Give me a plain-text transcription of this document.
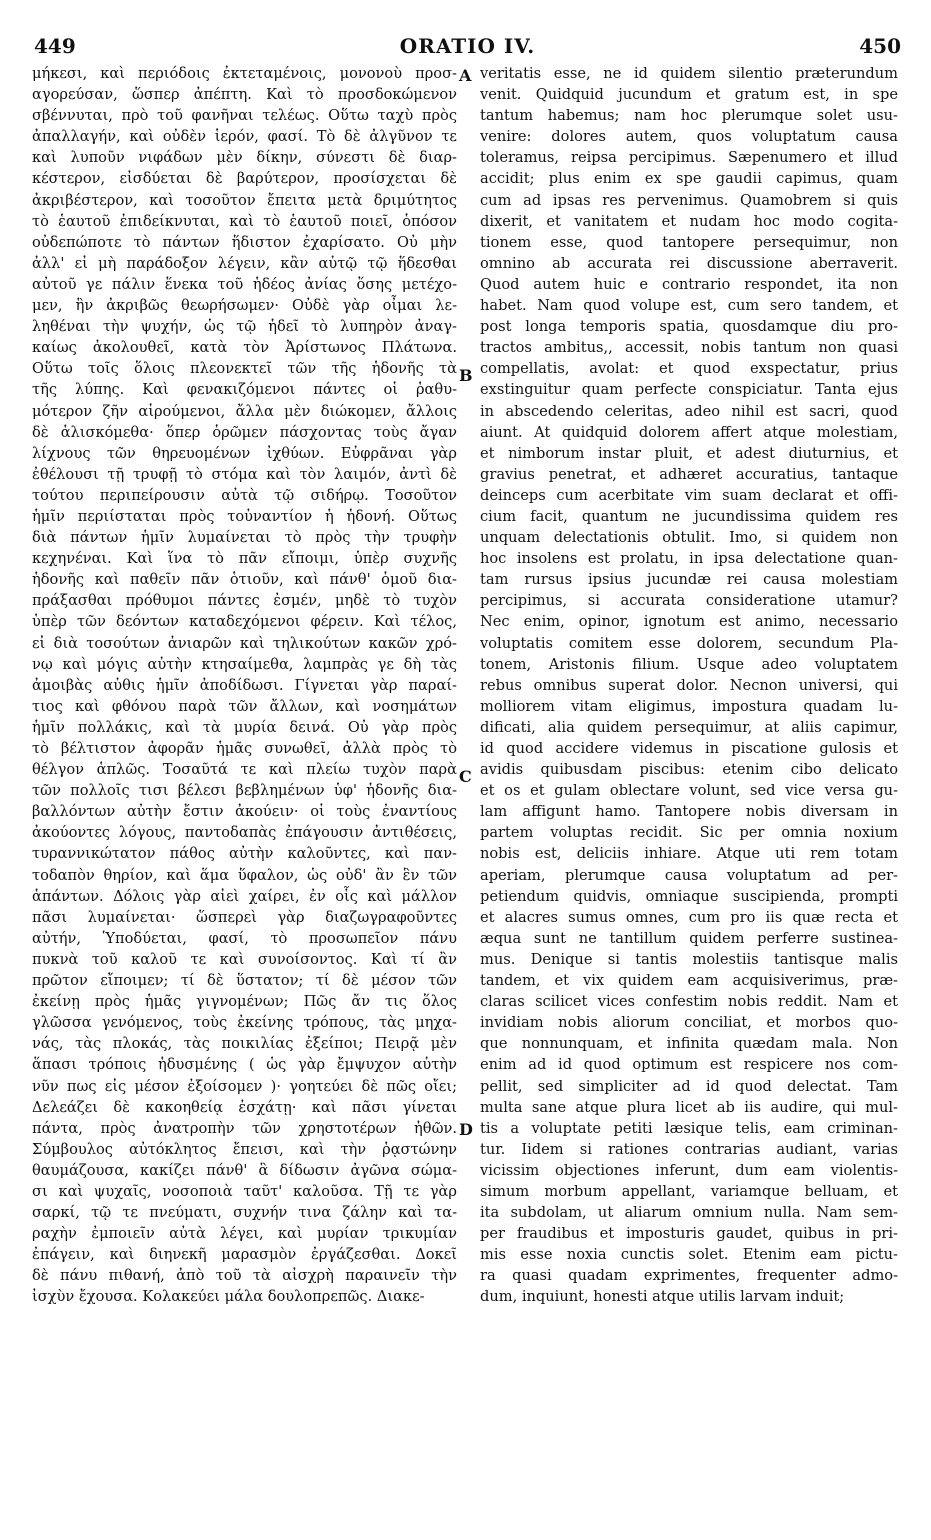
449	ORATIO IV.	450
μήκεσι, καὶ περιόδοις ἐκτεταμένοις, μονονοὺ προσ-
αγορεύσαν, ὥσπερ ἀπέπτη. Καὶ τὸ προσδοκώμενον
σβέννυται, πρὸ τοῦ φανῆναι τελέως. Οὕτω ταχὺ πρὸς
ἀπαλλαγήν, καὶ οὐδὲν ἱερόν, φασί. Τὸ δὲ ἀλγῦνον τε
καὶ λυποῦν νιφάδων μὲν δίκην, σύνεστι δὲ διαρ-
κέστερον, εἰσδύεται δὲ βαρύτερον, προσίσχεται δὲ
ἀκριβέστερον, καὶ τοσοῦτον ἔπειτα μετὰ δριμύτητος
τὸ ἑαυτοῦ ἐπιδείκνυται, καὶ τὸ ἑαυτοῦ ποιεῖ, ὁπόσον
οὐδεπώποτε τὸ πάντων ἥδιστον ἐχαρίσατο. Οὐ μὴν
ἀλλ' εἰ μὴ παράδοξον λέγειν, κἂν αὐτῷ τῷ ἥδεσθαι
αὐτοῦ γε πάλιν ἕνεκα τοῦ ἡδέος ἀνίας ὅσης μετέχο-
μεν, ἣν ἀκριβῶς θεωρήσωμεν· Οὐδὲ γὰρ οἶμαι λε-
ληθέναι τὴν ψυχήν, ὡς τῷ ἡδεῖ τὸ λυπηρὸν ἀναγ-
καίως ἀκολουθεῖ, κατὰ τὸν Ἀρίστωνος Πλάτωνα.
Οὕτω τοῖς ὅλοις πλεονεκτεῖ τῶν τῆς ἡδονῆς τὰ
τῆς λύπης. Καὶ φενακιζόμενοι πάντες οἱ ῥαθυ-
μότερον ζῆν αἱρούμενοι, ἄλλα μὲν διώκομεν, ἄλλοις
δὲ ἁλισκόμεθα· ὅπερ ὁρῶμεν πάσχοντας τοὺς ἄγαν
λίχνους τῶν θηρευομένων ἰχθύων. Εὐφρᾶναι γὰρ
ἐθέλουσι τῇ τρυφῇ τὸ στόμα καὶ τὸν λαιμόν, ἀντὶ δὲ
τούτου περιπείρουσιν αὐτὰ τῷ σιδήρῳ. Τοσοῦτον
ἡμῖν περιίσταται πρὸς τοὐναντίον ἡ ἡδονή. Οὕτως
διὰ πάντων ἡμῖν λυμαίνεται τὸ πρὸς τὴν τρυφὴν
κεχηνέναι. Καὶ ἵνα τὸ πᾶν εἴποιμι, ὑπὲρ συχνῆς
ἡδονῆς καὶ παθεῖν πᾶν ὁτιοῦν, καὶ πάνθ' ὁμοῦ δια-
πράξασθαι πρόθυμοι πάντες ἐσμέν, μηδὲ τὸ τυχὸν
ὑπὲρ τῶν δεόντων καταδεχόμενοι φέρειν. Καὶ τέλος,
εἰ διὰ τοσούτων ἀνιαρῶν καὶ τηλικούτων κακῶν χρό-
νῳ καὶ μόγις αὐτὴν κτησαίμεθα, λαμπρὰς γε δὴ τὰς
ἀμοιβὰς αὐθις ἡμῖν ἀποδίδωσι. Γίγνεται γὰρ παραί-
τιος καὶ φθόνου παρὰ τῶν ἄλλων, καὶ νοσημάτων
ἡμῖν πολλάκις, καὶ τὰ μυρία δεινά. Οὐ γὰρ πρὸς
τὸ βέλτιστον ἀφορᾶν ἡμᾶς συνωθεῖ, ἀλλὰ πρὸς τὸ
θέλγον ἁπλῶς. Τοσαῦτά τε καὶ πλείω τυχὸν παρὰ
τῶν πολλοῖς τισι βέλεσι βεβλημένων ὑφ' ἡδονῆς δια-
βαλλόντων αὐτὴν ἔστιν ἀκούειν· οἱ τοὺς ἐναντίους
ἀκούοντες λόγους, παντοδαπὰς ἐπάγουσιν ἀντιθέσεις,
τυραννικώτατον πάθος αὐτὴν καλοῦντες, καὶ παν-
τοδαπὸν θηρίον, καὶ ἅμα ὕφαλον, ὡς οὐδ' ἂν ἓν τῶν
ἁπάντων. Δόλοις γὰρ αἰεὶ χαίρει, ἐν οἷς καὶ μάλλον
πᾶσι λυμαίνεται· ὥσπερεὶ γὰρ διαζωγραφοῦντες
αὐτήν, Ὑποδύεται, φασί, τὸ προσωπεῖον πάνυ
πυκνὰ τοῦ καλοῦ τε καὶ συνοίσοντος. Καὶ τί ἂν
πρῶτον εἴποιμεν; τί δὲ ὕστατον; τί δὲ μέσον τῶν
ἐκείνῃ πρὸς ἡμᾶς γιγνομένων; Πῶς ἄν τις ὅλος
γλῶσσα γενόμενος, τοὺς ἐκείνης τρόπους, τὰς μηχα-
νάς, τὰς πλοκάς, τὰς ποικιλίας ἐξείποι; Πειρᾷ μὲν
ἅπασι τρόποις ἡδυσμένης ( ὡς γὰρ ἔμψυχον αὐτὴν
νῦν πως εἰς μέσον ἐξοίσομεν )· γοητεύει δὲ πῶς οἴει;
Δελεάζει δὲ κακοηθείᾳ ἐσχάτῃ· καὶ πᾶσι γίνεται
πάντα, πρὸς ἀνατροπὴν τῶν χρηστοτέρων ἠθῶν.
Σύμβουλος αὐτόκλητος ἔπεισι, καὶ τὴν ῥᾳστώνην
θαυμάζουσα, κακίζει πάνθ' ἃ δίδωσιν ἀγῶνα σώμα-
σι καὶ ψυχαῖς, νοσοποιὰ ταῦτ' καλοῦσα. Τῇ τε γὰρ
σαρκί, τῷ τε πνεύματι, συχνήν τινα ζάλην καὶ τα-
ραχὴν ἐμποιεῖν αὐτὰ λέγει, καὶ μυρίαν τρικυμίαν
ἐπάγειν, καὶ διηνεκῆ μαρασμὸν ἐργάζεσθαι. Δοκεῖ
δὲ πάνυ πιθανή, ἀπὸ τοῦ τὰ αἰσχρὴ παραινεῖν τὴν
ἰσχὺν ἔχουσα. Κολακεύει μάλα δουλοπρεπῶς. Διακε-
veritatis esse, ne id quidem silentio præterundum
venit. Quidquid jucundum et gratum est, in spe
tantum habemus; nam hoc plerumque solet usu-
venire: dolores autem, quos voluptatum causa
toleramus, reipsa percipimus. Sæpenumero et illud
accidit; plus enim ex spe gaudii capimus, quam
cum ad ipsas res pervenimus. Quamobrem si quis
dixerit, et vanitatem et nudam hoc modo cogita-
tionem esse, quod tantopere persequimur, non
omnino ab accurata rei discussione aberraverit.
Quod autem huic e contrario respondet, ita non
habet. Nam quod volupe est, cum sero tandem, et
post longa temporis spatia, quosdamque diu pro-
tractos ambitus,, accessit, nobis tantum non quasi
compellatis, avolat: et quod exspectatur, prius
exstinguitur quam perfecte conspiciatur. Tanta ejus
in abscedendo celeritas, adeo nihil est sacri, quod
aiunt. At quidquid dolorem affert atque molestiam,
et nimborum instar pluit, et adest diuturnius, et
gravius penetrat, et adhæret accuratius, tantaque
deinceps cum acerbitate vim suam declarat et offi-
cium facit, quantum ne jucundissima quidem res
unquam delectationis obtulit. Imo, si quidem non
hoc insolens est prolatu, in ipsa delectatione quan-
tam rursus ipsius jucundæ rei causa molestiam
percipimus, si accurata consideratione utamur?
Nec enim, opinor, ignotum est animo, necessario
voluptatis comitem esse dolorem, secundum Pla-
tonem, Aristonis filium. Usque adeo voluptatem
rebus omnibus superat dolor. Necnon universi, qui
molliorem vitam eligimus, impostura quadam lu-
dificati, alia quidem persequimur, at aliis capimur,
id quod accidere videmus in piscatione gulosis et
avidis quibusdam piscibus: etenim cibo delicato
et os et gulam oblectare volunt, sed vice versa gu-
lam affigunt hamo. Tantopere nobis diversam in
partem voluptas recidit. Sic per omnia noxium
nobis est, deliciis inhiare. Atque uti rem totam
aperiam, plerumque causa voluptatum ad per-
petiendum quidvis, omniaque suscipienda, prompti
et alacres sumus omnes, cum pro iis quæ recta et
æqua sunt ne tantillum quidem perferre sustinea-
mus. Denique si tantis molestiis tantisque malis
tandem, et vix quidem eam acquisiverimus, præ-
claras scilicet vices confestim nobis reddit. Nam et
invidiam nobis aliorum conciliat, et morbos quo-
que nonnunquam, et infinita quædam mala. Non
enim ad id quod optimum est respicere nos com-
pellit, sed simpliciter ad id quod delectat. Tam
multa sane atque plura licet ab iis audire, qui mul-
tis a voluptate petiti læsique telis, eam criminan-
tur. Iidem si rationes contrarias audiant, varias
vicissim objectiones inferunt, dum eam violentis-
simum morbum appellant, variamque belluam, et
ita subdolam, ut aliarum omnium nulla. Nam sem-
per fraudibus et imposturis gaudet, quibus in pri-
mis esse noxia cunctis solet. Etenim eam pictu-
ra quasi quadam exprimentes, frequenter admo-
dum, inquiunt, honesti atque utilis larvam induit;
A
B
C
D
